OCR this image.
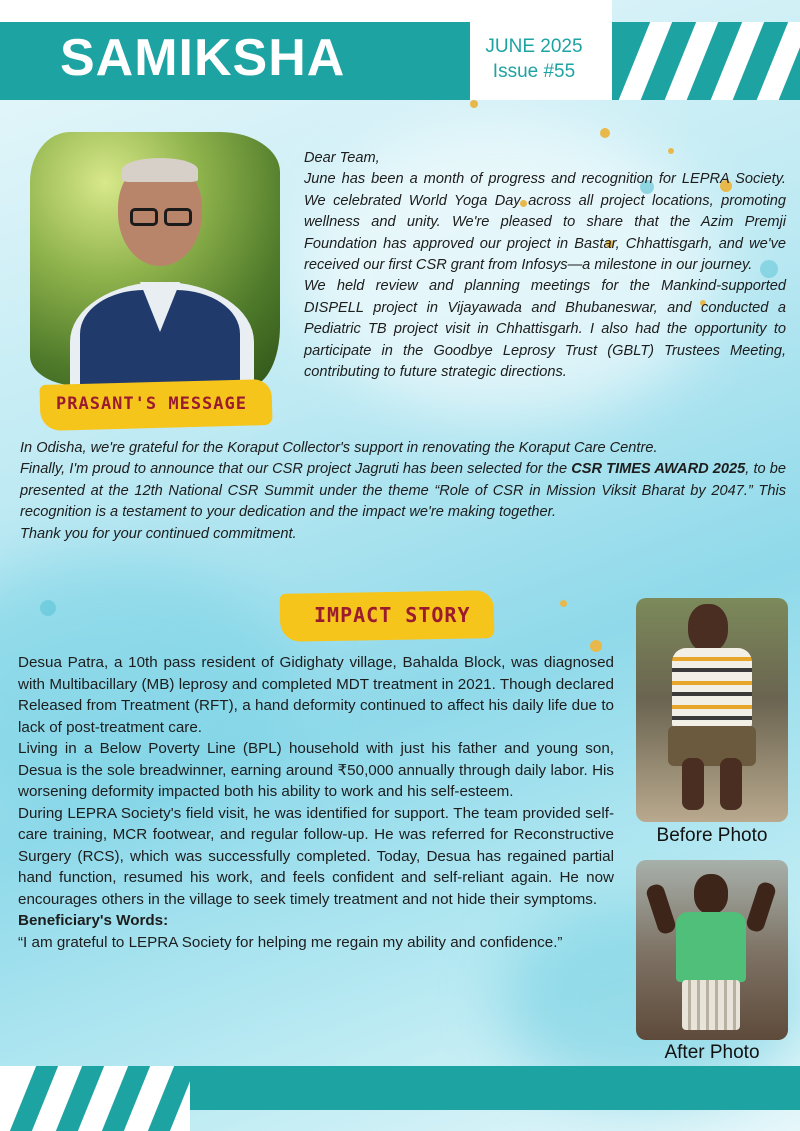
SAMIKSHA	JUNE 2025
Issue #55
PRASANT'S MESSAGE

Dear Team,

June has been a month of progress and recognition for LEPRA Society. We celebrated World Yoga Day across all project locations, promoting wellness and unity. We're pleased to share that the Azim Premji Foundation has approved our project in Bastar, Chhattisgarh, and we've received our first CSR grant from Infosys—a milestone in our journey.

We held review and planning meetings for the Mankind-supported DISPELL project in Vijayawada and Bhubaneswar, and conducted a Pediatric TB project visit in Chhattisgarh. I also had the opportunity to participate in the Goodbye Leprosy Trust (GBLT) Trustees Meeting, contributing to future strategic directions.

In Odisha, we're grateful for the Koraput Collector's support in renovating the Koraput Care Centre.

Finally, I'm proud to announce that our CSR project Jagruti has been selected for the CSR TIMES AWARD 2025, to be presented at the 12th National CSR Summit under the theme “Role of CSR in Mission Viksit Bharat by 2047.” This recognition is a testament to your dedication and the impact we're making together.

Thank you for your continued commitment.

IMPACT STORY

Desua Patra, a 10th pass resident of Gidighaty village, Bahalda Block, was diagnosed with Multibacillary (MB) leprosy and completed MDT treatment in 2021. Though declared Released from Treatment (RFT), a hand deformity continued to affect his daily life due to lack of post-treatment care.

Living in a Below Poverty Line (BPL) household with just his father and young son, Desua is the sole breadwinner, earning around ₹50,000 annually through daily labor. His worsening deformity impacted both his ability to work and his self-esteem.

During LEPRA Society's field visit, he was identified for support. The team provided self-care training, MCR footwear, and regular follow-up. He was referred for Reconstructive Surgery (RCS), which was successfully completed. Today, Desua has regained partial hand function, resumed his work, and feels confident and self-reliant again. He now encourages others in the village to seek timely treatment and not hide their symptoms.

Beneficiary's Words:

“I am grateful to LEPRA Society for helping me regain my ability and confidence.”

Before Photo
After Photo
